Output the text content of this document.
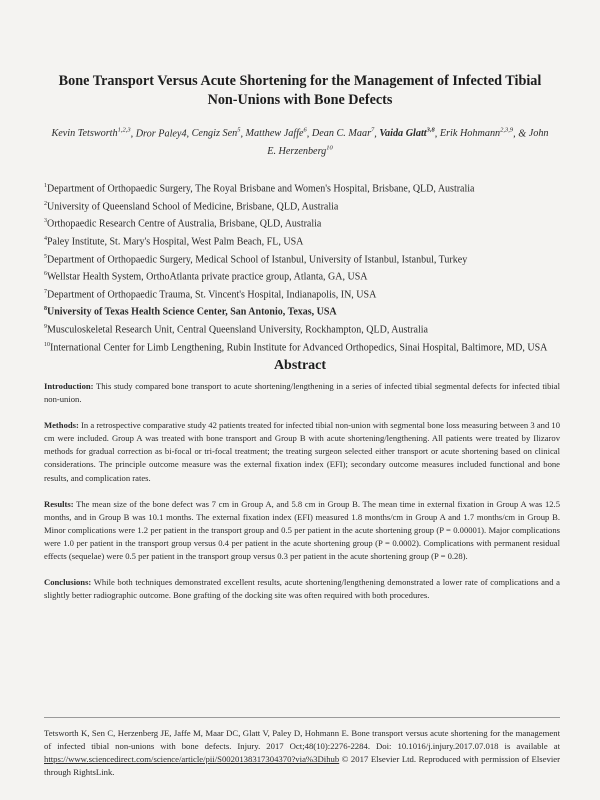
Bone Transport Versus Acute Shortening for the Management of Infected Tibial Non-Unions with Bone Defects
Kevin Tetsworth$^{1,2,3}$, Dror Paley4, Cengiz Sen$^5$, Matthew Jaffe$^6$, Dean C. Maar$^7$, Vaida Glatt$^{3,8}$, Erik Hohmann$^{2,3,9}$, & John E. Herzenberg$^{10}$
$^1$Department of Orthopaedic Surgery, The Royal Brisbane and Women's Hospital, Brisbane, QLD, Australia
$^2$University of Queensland School of Medicine, Brisbane, QLD, Australia
$^3$Orthopaedic Research Centre of Australia, Brisbane, QLD, Australia
$^4$Paley Institute, St. Mary's Hospital, West Palm Beach, FL, USA
$^5$Department of Orthopaedic Surgery, Medical School of Istanbul, University of Istanbul, Istanbul, Turkey
$^6$Wellstar Health System, OrthoAtlanta private practice group, Atlanta, GA, USA
$^7$Department of Orthopaedic Trauma, St. Vincent's Hospital, Indianapolis, IN, USA
$^8$University of Texas Health Science Center, San Antonio, Texas, USA
$^9$Musculoskeletal Research Unit, Central Queensland University, Rockhampton, QLD, Australia
$^{10}$International Center for Limb Lengthening, Rubin Institute for Advanced Orthopedics, Sinai Hospital, Baltimore, MD, USA
Abstract

Introduction: This study compared bone transport to acute shortening/lengthening in a series of infected tibial segmental defects for infected tibial non-union.

Methods: In a retrospective comparative study 42 patients treated for infected tibial non-union with segmental bone loss measuring between 3 and 10 cm were included. Group A was treated with bone transport and Group B with acute shortening/lengthening. All patients were treated by Ilizarov methods for gradual correction as bi-focal or tri-focal treatment; the treating surgeon selected either transport or acute shortening based on clinical considerations. The principle outcome measure was the external fixation index (EFI); secondary outcome measures included functional and bone results, and complication rates.

Results: The mean size of the bone defect was 7 cm in Group A, and 5.8 cm in Group B. The mean time in external fixation in Group A was 12.5 months, and in Group B was 10.1 months. The external fixation index (EFI) measured 1.8 months/cm in Group A and 1.7 months/cm in Group B. Minor complications were 1.2 per patient in the transport group and 0.5 per patient in the acute shortening group (P = 0.00001). Major complications were 1.0 per patient in the transport group versus 0.4 per patient in the acute shortening group (P = 0.0002). Complications with permanent residual effects (sequelae) were 0.5 per patient in the transport group versus 0.3 per patient in the acute shortening group (P = 0.28).

Conclusions: While both techniques demonstrated excellent results, acute shortening/lengthening demonstrated a lower rate of complications and a slightly better radiographic outcome. Bone grafting of the docking site was often required with both procedures.

Tetsworth K, Sen C, Herzenberg JE, Jaffe M, Maar DC, Glatt V, Paley D, Hohmann E. Bone transport versus acute shortening for the management of infected tibial non-unions with bone defects. Injury. 2017 Oct;48(10):2276-2284. Doi: 10.1016/j.injury.2017.07.018 is available at https://www.sciencedirect.com/science/article/pii/S0020138317304370?via%3Dihub © 2017 Elsevier Ltd. Reproduced with permission of Elsevier through RightsLink.
